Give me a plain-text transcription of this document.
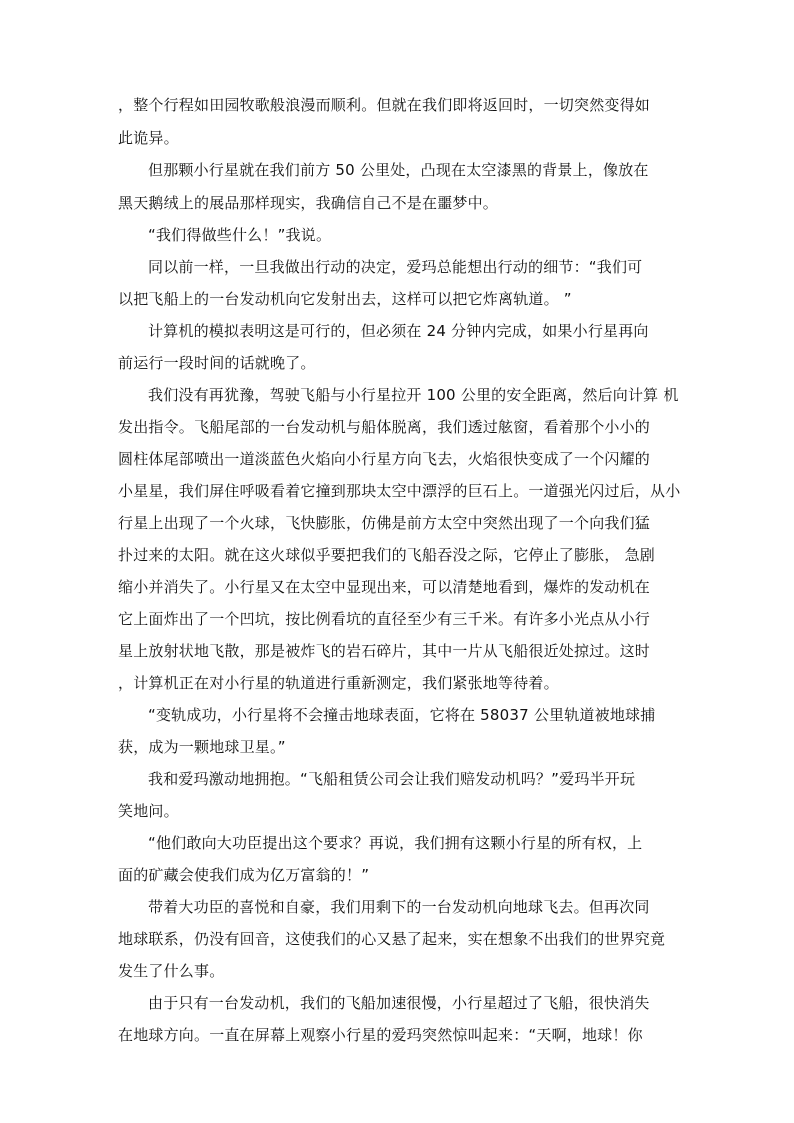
，整个行程如田园牧歌般浪漫而顺利。但就在我们即将返回时，一切突然变得如
此诡异。
但那颗小行星就在我们前方 50 公里处，凸现在太空漆黑的背景上，像放在
黑天鹅绒上的展品那样现实，我确信自己不是在噩梦中。
“我们得做些什么！”我说。
同以前一样，一旦我做出行动的决定，爱玛总能想出行动的细节：“我们可
以把飞船上的一台发动机向它发射出去，这样可以把它炸离轨道。 ”
计算机的模拟表明这是可行的，但必须在 24 分钟内完成，如果小行星再向
前运行一段时间的话就晚了。
我们没有再犹豫，驾驶飞船与小行星拉开 100 公里的安全距离，然后向计算 机
发出指令。飞船尾部的一台发动机与船体脱离，我们透过舷窗，看着那个小小的
圆柱体尾部喷出一道淡蓝色火焰向小行星方向飞去，火焰很快变成了一个闪耀的
小星星，我们屏住呼吸看着它撞到那块太空中漂浮的巨石上。一道强光闪过后，从小
行星上出现了一个火球，飞快膨胀，仿佛是前方太空中突然出现了一个向我们猛
扑过来的太阳。就在这火球似乎要把我们的飞船吞没之际，它停止了膨胀， 急剧
缩小并消失了。小行星又在太空中显现出来，可以清楚地看到，爆炸的发动机在
它上面炸出了一个凹坑，按比例看坑的直径至少有三千米。有许多小光点从小行
星上放射状地飞散，那是被炸飞的岩石碎片，其中一片从飞船很近处掠过。这时
，计算机正在对小行星的轨道进行重新测定，我们紧张地等待着。
“变轨成功，小行星将不会撞击地球表面，它将在 58037 公里轨道被地球捕
获，成为一颗地球卫星。”
我和爱玛激动地拥抱。“飞船租赁公司会让我们赔发动机吗？”爱玛半开玩
笑地问。
“他们敢向大功臣提出这个要求？再说，我们拥有这颗小行星的所有权，上
面的矿藏会使我们成为亿万富翁的！”
带着大功臣的喜悦和自豪，我们用剩下的一台发动机向地球飞去。但再次同
地球联系，仍没有回音，这使我们的心又悬了起来，实在想象不出我们的世界究竟
发生了什么事。
由于只有一台发动机，我们的飞船加速很慢，小行星超过了飞船，很快消失
在地球方向。一直在屏幕上观察小行星的爱玛突然惊叫起来：“天啊，地球！你
